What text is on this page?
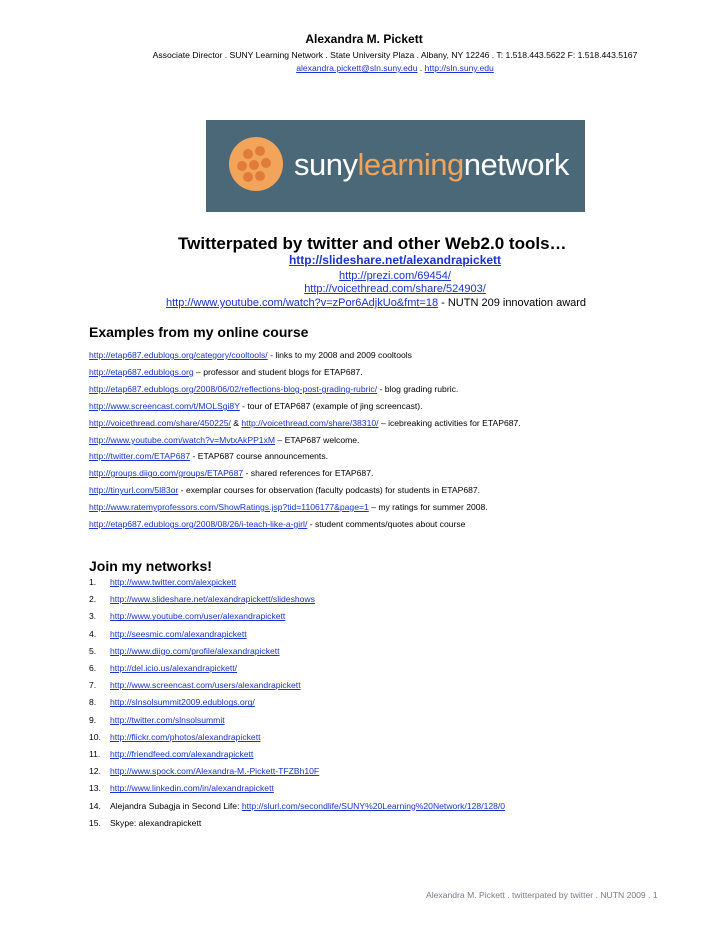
Alexandra M. Pickett
Associate Director . SUNY Learning Network . State University Plaza . Albany, NY 12246 . T: 1.518.443.5622 F: 1.518.443.5167
alexandra.pickett@sln.suny.edu . http://sln.suny.edu
sunylearningnetwork
Twitterpated by twitter and other Web2.0 tools…
http://slideshare.net/alexandrapickett
http://prezi.com/69454/
http://voicethread.com/share/524903/
http://www.youtube.com/watch?v=zPor6AdjkUo&fmt=18 - NUTN 209 innovation award
Examples from my online course
http://etap687.edublogs.org/category/cooltools/ - links to my 2008 and 2009 cooltools
http://etap687.edublogs.org – professor and student blogs for ETAP687.
http://etap687.edublogs.org/2008/06/02/reflections-blog-post-grading-rubric/ - blog grading rubric.
http://www.screencast.com/t/MOLSgi8Y - tour of ETAP687 (example of jing screencast).
http://voicethread.com/share/450225/ & http://voicethread.com/share/38310/ – icebreaking activities for ETAP687.
http://www.youtube.com/watch?v=MvtxAkPP1xM – ETAP687 welcome.
http://twitter.com/ETAP687 - ETAP687 course announcements.
http://groups.diigo.com/groups/ETAP687 - shared references for ETAP687.
http://tinyurl.com/5l83or - exemplar courses for observation (faculty podcasts) for students in ETAP687.
http://www.ratemyprofessors.com/ShowRatings.jsp?tid=1106177&page=1 – my ratings for summer 2008.
http://etap687.edublogs.org/2008/08/26/i-teach-like-a-girl/ - student comments/quotes about course
Join my networks!
1. http://www.twitter.com/alexpickett
2. http://www.slideshare.net/alexandrapickett/slideshows
3. http://www.youtube.com/user/alexandrapickett
4. http://seesmic.com/alexandrapickett
5. http://www.diigo.com/profile/alexandrapickett
6. http://del.icio.us/alexandrapickett/
7. http://www.screencast.com/users/alexandrapickett
8. http://slnsolsummit2009.edublogs.org/
9. http://twitter.com/slnsolsummit
10. http://flickr.com/photos/alexandrapickett
11. http://friendfeed.com/alexandrapickett
12. http://www.spock.com/Alexandra-M.-Pickett-TFZBh10F
13. http://www.linkedin.com/in/alexandrapickett
14. Alejandra Subagja in Second Life: http://slurl.com/secondlife/SUNY%20Learning%20Network/128/128/0
15. Skype: alexandrapickett
Alexandra M. Pickett . twitterpated by twitter . NUTN 2009 . 1
